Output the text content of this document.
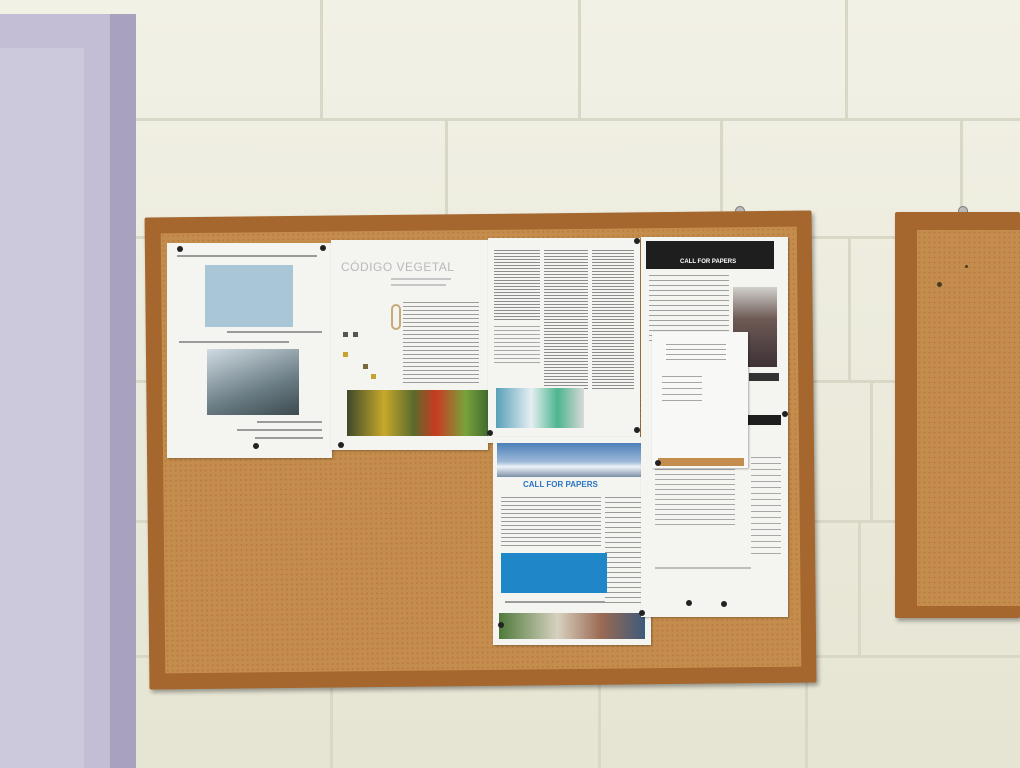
CÓDIGO VEGETAL
CALL FOR PAPERS
CALL FOR PAPERS
